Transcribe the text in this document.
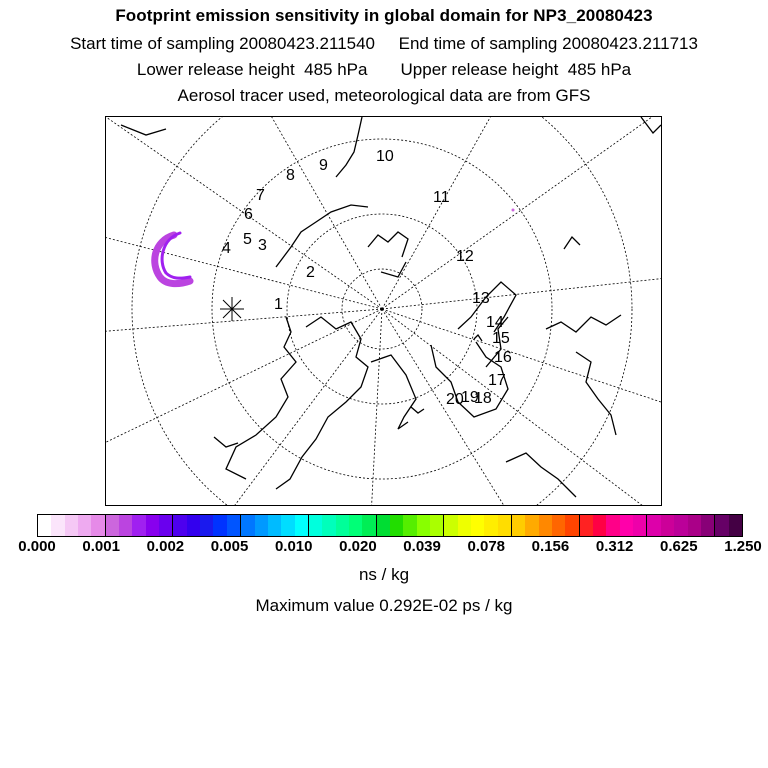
Footprint emission sensitivity in global domain for NP3_20080423
Start time of sampling 20080423.211540 End time of sampling 20080423.211713
Lower release height  485 hPa Upper release height  485 hPa
Aerosol tracer used, meteorological data are from GFS
1
2
3
4
5
6
7
8
9
10
11
12
13
14
15
16
17
18
19
20
0.000 0.001 0.002 0.005 0.010 0.020 0.039 0.078 0.156 0.312 0.625 1.250
ns / kg
Maximum value 0.292E-02 ps / kg
